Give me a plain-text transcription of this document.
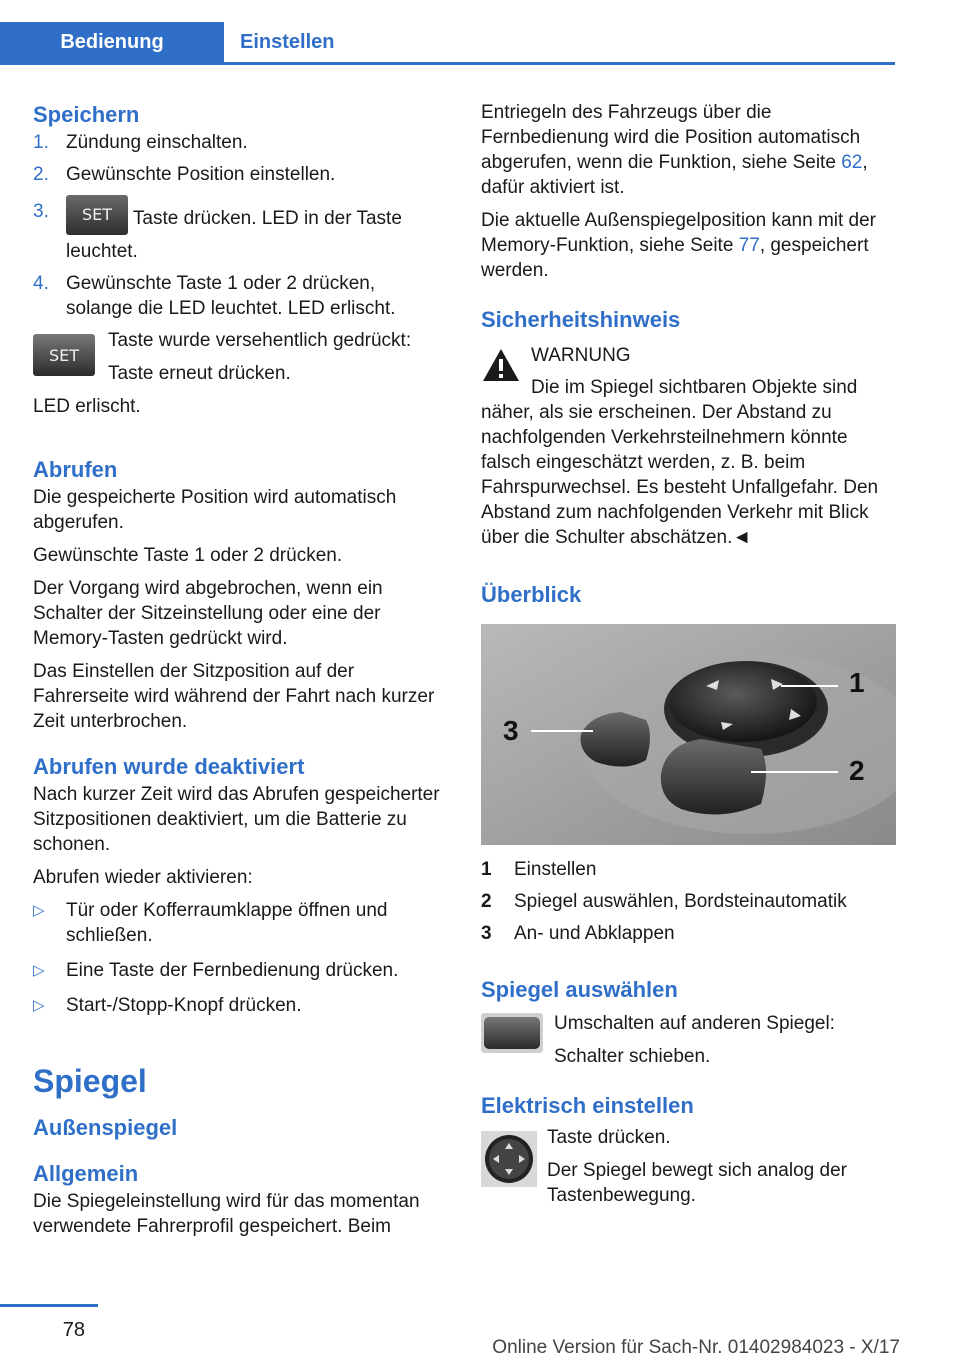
Bedienung	Einstellen
Speichern
1. Zündung einschalten.
2. Gewünschte Position einstellen.
3.	SET Taste drücken. LED in der Taste leuchtet.
4. Gewünschte Taste 1 oder 2 drücken, solange die LED leuchtet. LED erlischt.
SET

Taste wurde versehentlich gedrückt:

Taste erneut drücken.

LED erlischt.

Abrufen

Die gespeicherte Position wird automatisch abgerufen.

Gewünschte Taste 1 oder 2 drücken.

Der Vorgang wird abgebrochen, wenn ein Schalter der Sitzeinstellung oder eine der Memory-Tasten gedrückt wird.

Das Einstellen der Sitzposition auf der Fahrerseite wird während der Fahrt nach kurzer Zeit unterbrochen.

Abrufen wurde deaktiviert

Nach kurzer Zeit wird das Abrufen gespeicherter Sitzpositionen deaktiviert, um die Batterie zu schonen.

Abrufen wieder aktivieren:

▷ Tür oder Kofferraumklappe öffnen und schließen.
▷ Eine Taste der Fernbedienung drücken.
▷ Start-/Stopp-Knopf drücken.
Spiegel
Außenspiegel
Allgemein

Die Spiegeleinstellung wird für das momentan verwendete Fahrerprofil gespeichert. Beim

Entriegeln des Fahrzeugs über die Fernbedienung wird die Position automatisch abgerufen, wenn die Funktion, siehe Seite 62, dafür aktiviert ist.

Die aktuelle Außenspiegelposition kann mit der Memory-Funktion, siehe Seite 77, gespeichert werden.

Sicherheitshinweis

WARNUNG

Die im Spiegel sichtbaren Objekte sind näher, als sie erscheinen. Der Abstand zu nachfolgenden Verkehrsteilnehmern könnte falsch eingeschätzt werden, z. B. beim Fahrspurwechsel. Es besteht Unfallgefahr. Den Abstand zum nachfolgenden Verkehr mit Blick über die Schulter abschätzen.◄

Überblick
1
2
3
1	Einstellen
2	Spiegel auswählen, Bordsteinautomatik
3	An- und Abklappen
Spiegel auswählen

Umschalten auf anderen Spiegel:

Schalter schieben.

Elektrisch einstellen

Taste drücken.

Der Spiegel bewegt sich analog der Tastenbewegung.

78
Online Version für Sach-Nr. 01402984023 - X/17
